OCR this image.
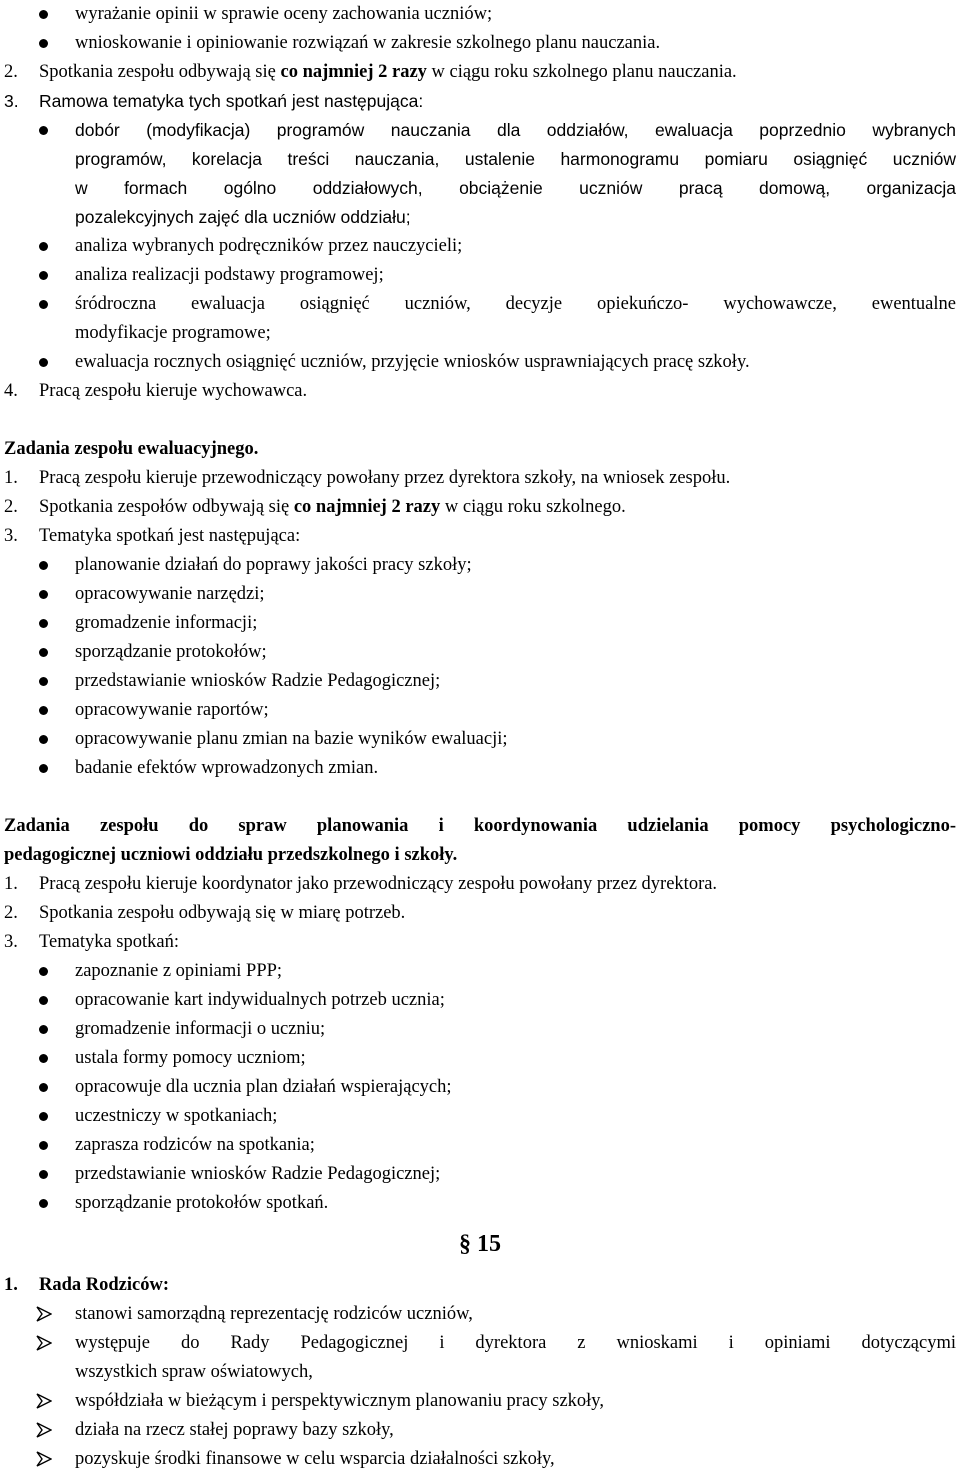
wyrażanie opinii w sprawie oceny zachowania uczniów;
wnioskowanie i opiniowanie rozwiązań w zakresie szkolnego planu nauczania.
2. Spotkania zespołu odbywają się co najmniej 2 razy w ciągu roku szkolnego planu nauczania.
3. Ramowa tematyka tych spotkań jest następująca:
dobór (modyfikacja) programów nauczania dla oddziałów, ewaluacja poprzednio wybranych
programów, korelacja treści nauczania, ustalenie harmonogramu pomiaru osiągnięć uczniów
w formach ogólno oddziałowych, obciążenie uczniów pracą domową, organizacja
pozalekcyjnych zajęć dla uczniów oddziału;
analiza wybranych podręczników przez nauczycieli;
analiza realizacji podstawy programowej;
śródroczna ewaluacja osiągnięć uczniów, decyzje opiekuńczo- wychowawcze, ewentualne
modyfikacje programowe;
ewaluacja rocznych osiągnięć uczniów, przyjęcie wniosków usprawniających pracę szkoły.
4. Pracą zespołu kieruje wychowawca.
Zadania zespołu ewaluacyjnego.
1. Pracą zespołu kieruje przewodniczący powołany przez dyrektora szkoły, na wniosek zespołu.
2. Spotkania zespołów odbywają się co najmniej 2 razy w ciągu roku szkolnego.
3. Tematyka spotkań jest następująca:
planowanie działań do poprawy jakości pracy szkoły;
opracowywanie narzędzi;
gromadzenie informacji;
sporządzanie protokołów;
przedstawianie wniosków Radzie Pedagogicznej;
opracowywanie raportów;
opracowywanie planu zmian na bazie wyników ewaluacji;
badanie efektów wprowadzonych zmian.
Zadania zespołu do spraw planowania i koordynowania udzielania pomocy psychologiczno-
pedagogicznej uczniowi oddziału przedszkolnego i szkoły.
1. Pracą zespołu kieruje koordynator jako przewodniczący zespołu powołany przez dyrektora.
2. Spotkania zespołu odbywają się w miarę potrzeb.
3. Tematyka spotkań:
zapoznanie z opiniami PPP;
opracowanie kart indywidualnych potrzeb ucznia;
gromadzenie informacji o uczniu;
ustala formy pomocy uczniom;
opracowuje dla ucznia plan działań wspierających;
uczestniczy w spotkaniach;
zaprasza rodziców na spotkania;
przedstawianie wniosków Radzie Pedagogicznej;
sporządzanie protokołów spotkań.
§ 15
1. Rada Rodziców:
stanowi samorządną reprezentację rodziców uczniów,
występuje do Rady Pedagogicznej i dyrektora z wnioskami i opiniami dotyczącymi
wszystkich spraw oświatowych,
współdziała w bieżącym i perspektywicznym planowaniu pracy szkoły,
działa na rzecz stałej poprawy bazy szkoły,
pozyskuje środki finansowe w celu wsparcia działalności szkoły,
